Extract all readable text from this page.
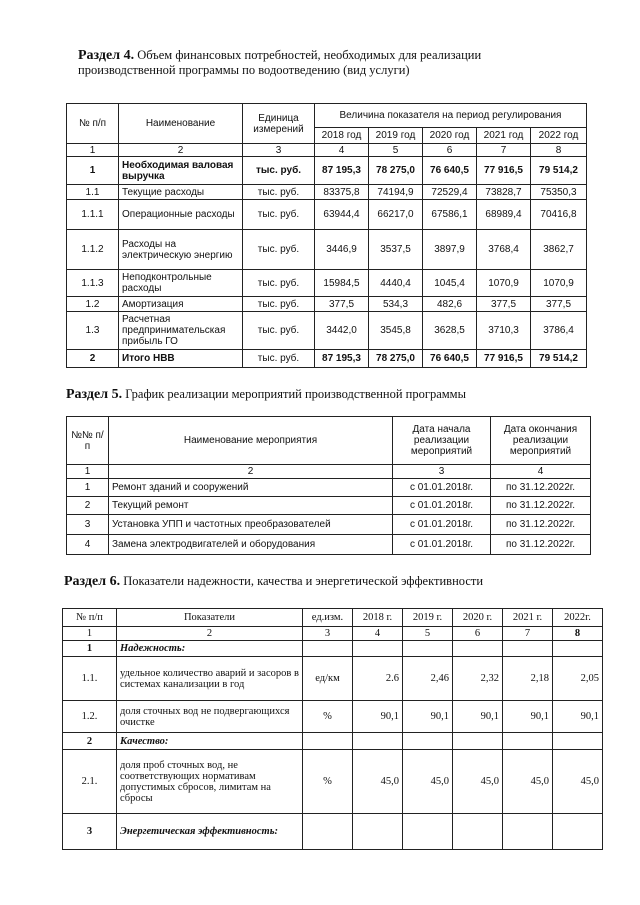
Раздел 4. Объем финансовых потребностей, необходимых для реализации производственной программы по водоотведению (вид услуги)
№ п/п	Наименование	Единица измерений	Величина показателя на период регулирования				
			2018 год	2019 год	2020 год	2021 год	2022 год
1	2	3	4	5	6	7	8
1	Необходимая валовая выручка	тыс. руб.	87 195,3	78 275,0	76 640,5	77 916,5	79 514,2
1.1	Текущие расходы	тыс. руб.	83375,8	74194,9	72529,4	73828,7	75350,3
1.1.1	Операционные расходы	тыс. руб.	63944,4	66217,0	67586,1	68989,4	70416,8
1.1.2	Расходы на электрическую энергию	тыс. руб.	3446,9	3537,5	3897,9	3768,4	3862,7
1.1.3	Неподконтрольные расходы	тыс. руб.	15984,5	4440,4	1045,4	1070,9	1070,9
1.2	Амортизация	тыс. руб.	377,5	534,3	482,6	377,5	377,5
1.3	Расчетная предпринимательская прибыль ГО	тыс. руб.	3442,0	3545,8	3628,5	3710,3	3786,4
2	Итого НВВ	тыс. руб.	87 195,3	78 275,0	76 640,5	77 916,5	79 514,2
Раздел 5. График реализации мероприятий производственной программы
№№ п/п	Наименование мероприятия	Дата начала реализации мероприятий	Дата окончания реализации мероприятий
1	2	3	4
1	Ремонт зданий и сооружений	с 01.01.2018г.	по 31.12.2022г.
2	Текущий ремонт	с 01.01.2018г.	по 31.12.2022г.
3	Установка УПП и частотных преобразователей	с 01.01.2018г.	по 31.12.2022г.
4	Замена электродвигателей и оборудования	с 01.01.2018г.	по 31.12.2022г.
Раздел 6. Показатели надежности, качества и энергетической эффективности
№ п/п	Показатели	ед.изм.	2018 г.	2019 г.	2020 г.	2021 г.	2022г.
1	2	3	4	5	6	7	8
1	Надежность:						
1.1.	удельное количество аварий и засоров в системах канализации в год	ед/км	2.6	2,46	2,32	2,18	2,05
1.2.	доля сточных вод не подвергающихся очистке	%	90,1	90,1	90,1	90,1	90,1
2	Качество:						
2.1.	доля проб сточных вод, не соответствующих нормативам допустимых сбросов, лимитам на сбросы	%	45,0	45,0	45,0	45,0	45,0
3	Энергетическая эффективность:						
